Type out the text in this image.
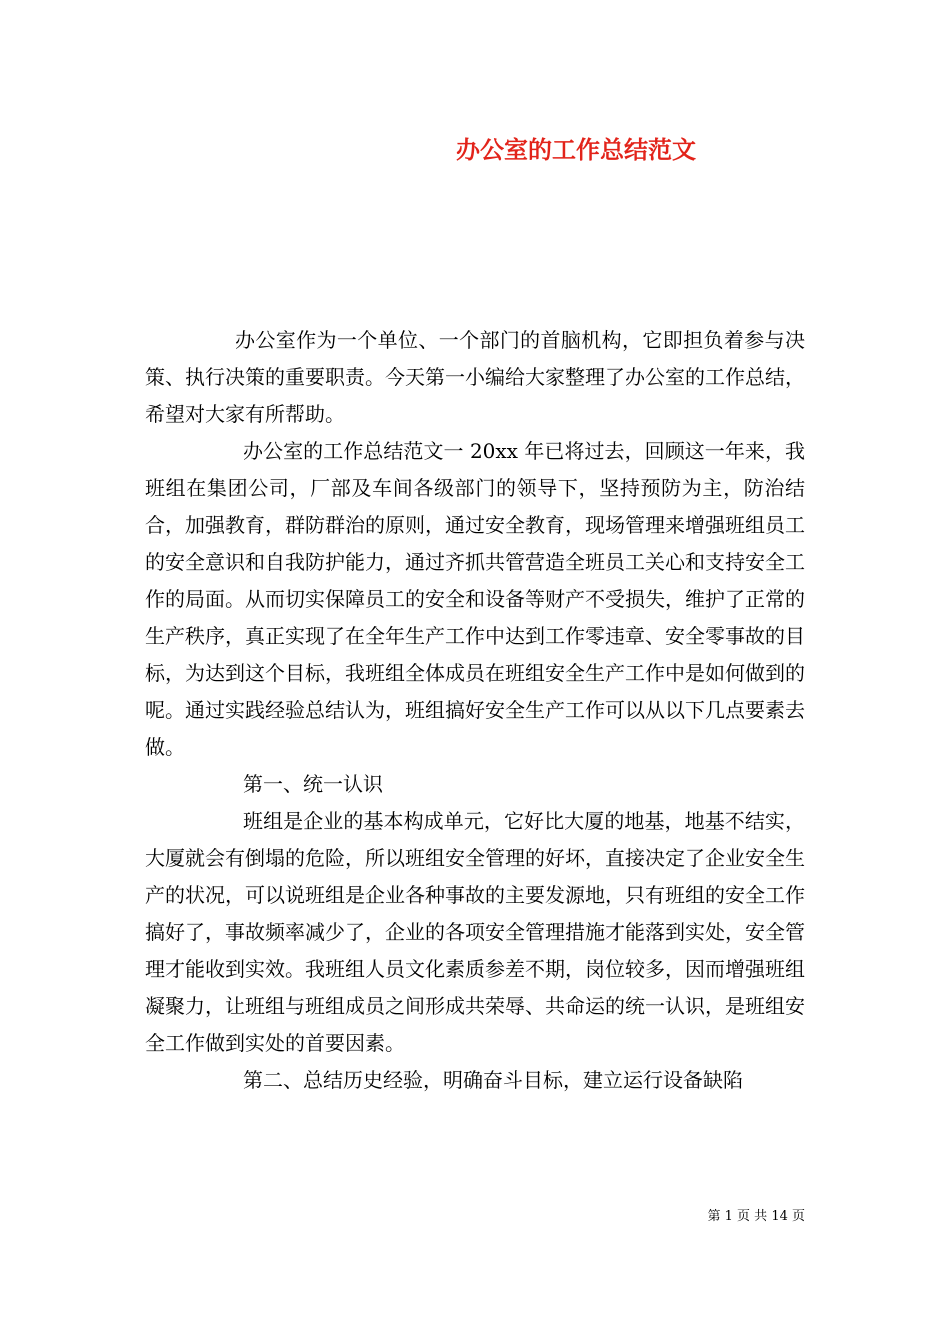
办公室的工作总结范文

办公室作为一个单位、一个部门的首脑机构，它即担负着参与决策、执行决策的重要职责。今天第一小编给大家整理了办公室的工作总结，希望对大家有所帮助。

办公室的工作总结范文一 20xx 年已将过去，回顾这一年来，我班组在集团公司，厂部及车间各级部门的领导下，坚持预防为主，防治结合，加强教育，群防群治的原则，通过安全教育，现场管理来增强班组员工的安全意识和自我防护能力，通过齐抓共管营造全班员工关心和支持安全工作的局面。从而切实保障员工的安全和设备等财产不受损失，维护了正常的生产秩序，真正实现了在全年生产工作中达到工作零违章、安全零事故的目标，为达到这个目标，我班组全体成员在班组安全生产工作中是如何做到的呢。通过实践经验总结认为，班组搞好安全生产工作可以从以下几点要素去做。

第一、统一认识

班组是企业的基本构成单元，它好比大厦的地基，地基不结实，大厦就会有倒塌的危险，所以班组安全管理的好坏，直接决定了企业安全生产的状况，可以说班组是企业各种事故的主要发源地，只有班组的安全工作搞好了，事故频率减少了，企业的各项安全管理措施才能落到实处，安全管理才能收到实效。我班组人员文化素质参差不期，岗位较多，因而增强班组凝聚力，让班组与班组成员之间形成共荣辱、共命运的统一认识，是班组安全工作做到实处的首要因素。

第二、总结历史经验，明确奋斗目标，建立运行设备缺陷

第 1 页 共 14 页
